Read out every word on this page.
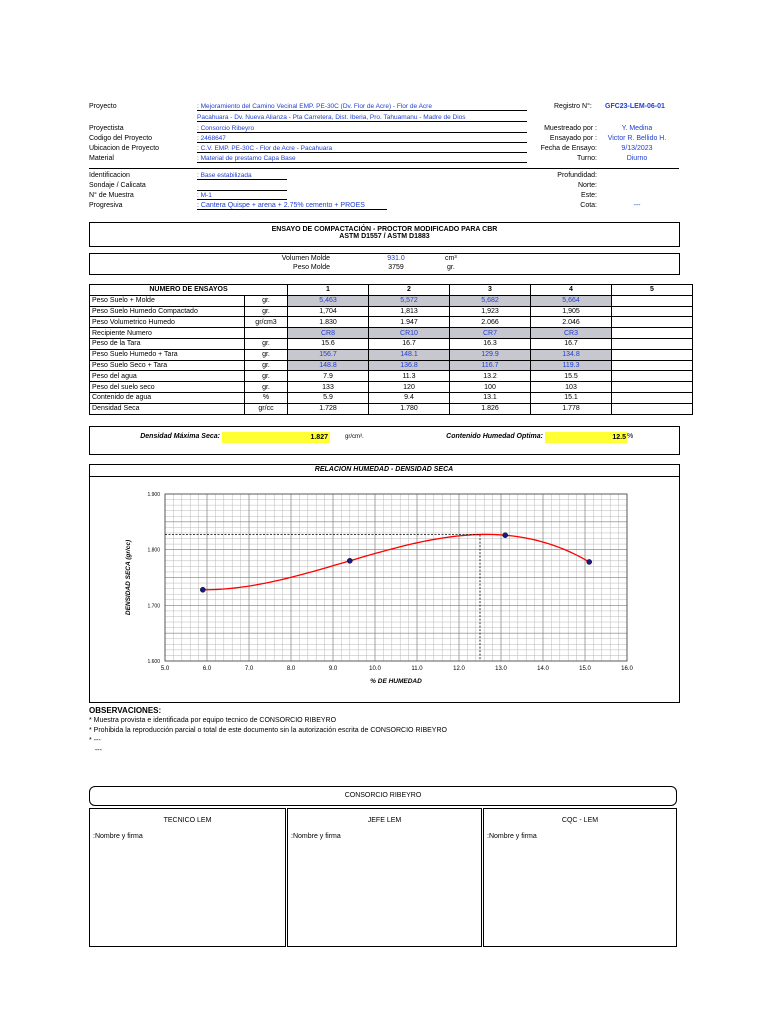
Proyecto	: Mejoramiento del Camino Vecinal EMP. PE-30C (Dv. Flor de Acre) - Flor de Acre
Pacahuara - Dv. Nueva Alianza - Pta Carretera, Dist. Iberia, Pro. Tahuamanu - Madre de Dios
Registro N°: GFC23-LEM-06-01
Proyectista	: Consorcio Ribeyro
Codigo del Proyecto	: 2468647
Ubicacion de Proyecto	: C.V. EMP. PE-30C - Flor de Acre - Pacahuara
Material	: Material de prestamo Capa Base
Muestreado por :	Y. Medina
Ensayado por :	Victor R. Bellido H.
Fecha de Ensayo:	9/13/2023
Turno:	Diurno
Identificacion	: Base estabilizada
Sondaje / Calicata
N° de Muestra	: M-1
Progresiva	: Cantera Quispe + arena + 2.75% cemento + PROES
Profundidad:
Norte:
Este:
Cota:	---
ENSAYO DE COMPACTACIÓN - PROCTOR MODIFICADO PARA CBR
ASTM D1557 / ASTM D1883
Volumen Molde	931.0	cm³
Peso Molde	3759	gr.
NUMERO DE ENSAYOS		1	2	3	4	5
Peso Suelo + Molde	gr.	5,463	5,572	5,682	5,664	
Peso Suelo Humedo Compactado	gr.	1,704	1,813	1,923	1,905	
Peso Volumetrico Humedo	gr/cm3	1.830	1.947	2.066	2.046	
Recipiente Numero		CR8	CR10	CR7	CR3	
Peso de la Tara	gr.	15.6	16.7	16.3	16.7	
Peso Suelo Humedo + Tara	gr.	156.7	148.1	129.9	134.8	
Peso Suelo Seco + Tara	gr.	148.8	136.8	116.7	119.3	
Peso del agua	gr.	7.9	11.3	13.2	15.5	
Peso del suelo seco	gr.	133	120	100	103	
Contenido de agua	%	5.9	9.4	13.1	15.1	
Densidad Seca	gr/cc	1.728	1.780	1.826	1.778	
Densidad Máxima Seca:	1.827	gr/cm³.	Contenido Humedad Optima:	12.5 %
RELACION HUMEDAD - DENSIDAD SECA
5.0	6.0	7.0	8.0	9.0	10.0	11.0	12.0	13.0	14.0	15.0	16.0
1.600
1.700
1.800
1.900
% DE HUMEDAD
DENSIDAD SECA (gr/cc)
OBSERVACIONES:
* Muestra provista e identificada por equipo tecnico de CONSORCIO RIBEYRO
* Prohibida la reproducción parcial o total de este documento sin la autorización escrita de CONSORCIO RIBEYRO
* ---
---
CONSORCIO RIBEYRO
TECNICO LEM
:Nombre y firma
JEFE LEM
:Nombre y firma
CQC - LEM
:Nombre y firma
